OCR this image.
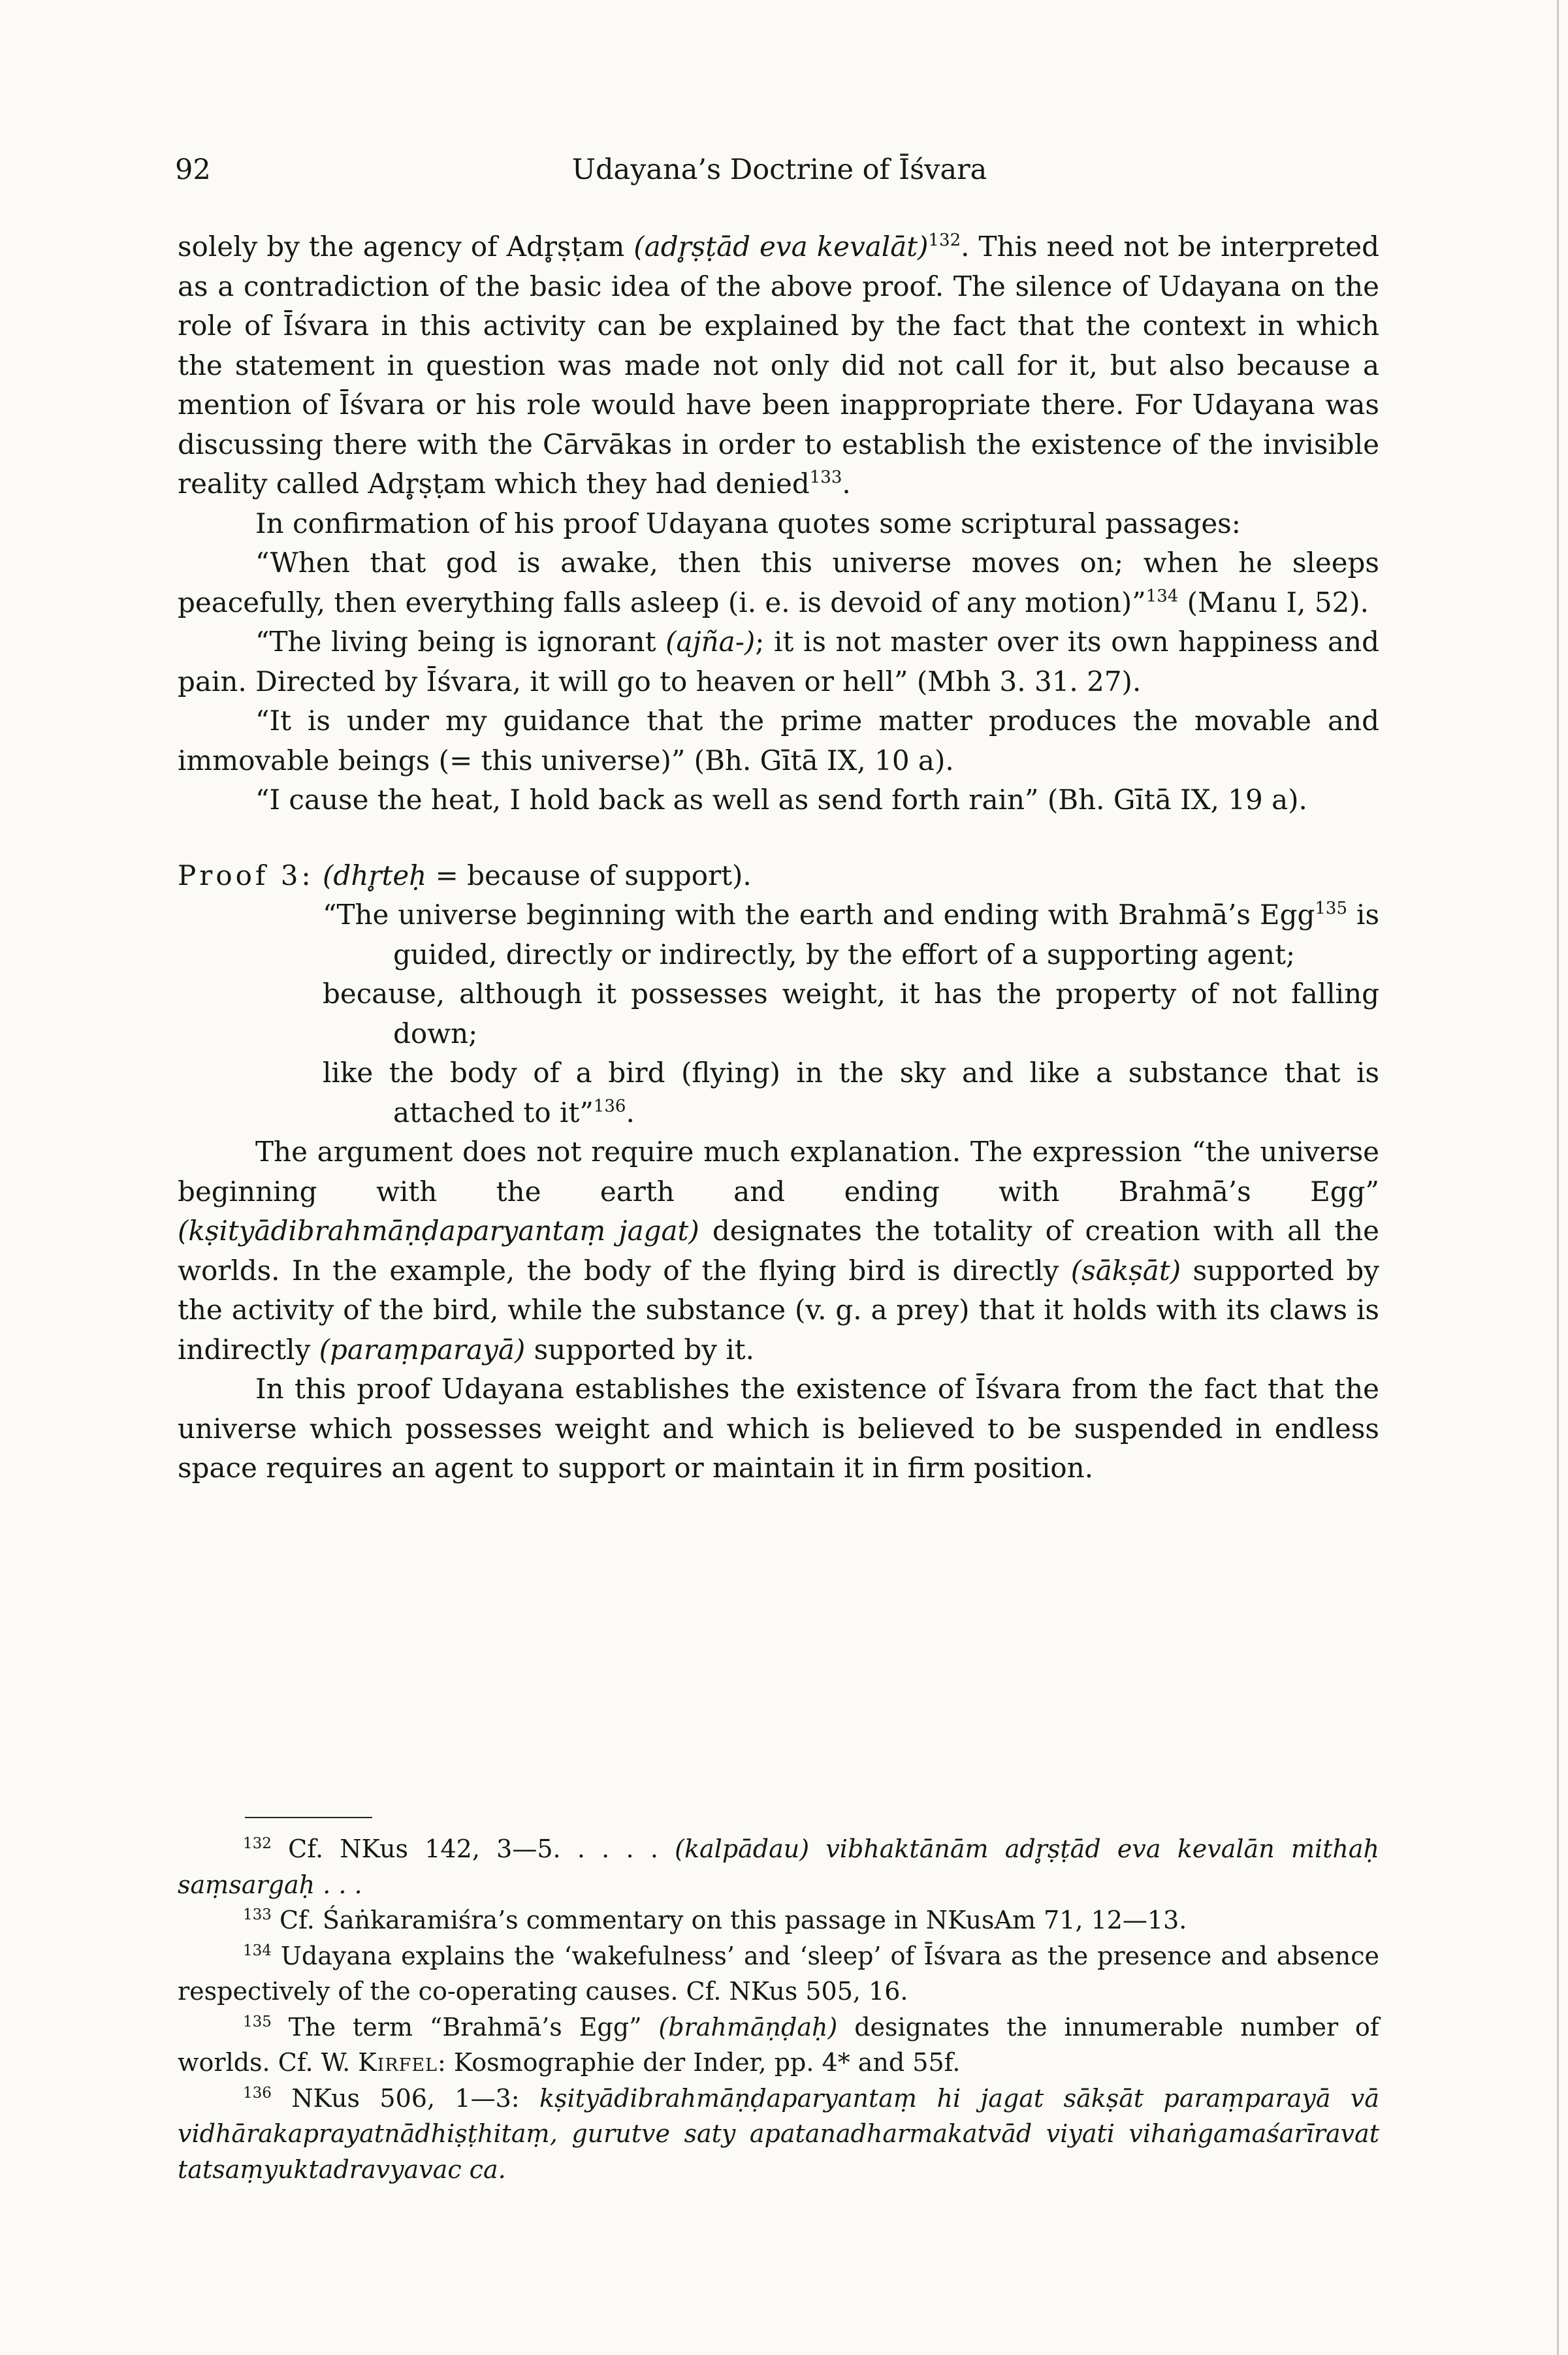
92	Udayana’s Doctrine of Īśvara

solely by the agency of Adr̥ṣṭam (adr̥ṣṭād eva kevalāt)$^{132}$. This need not be interpreted as a contradiction of the basic idea of the above proof. The silence of Udayana on the role of Īśvara in this activity can be explained by the fact that the context in which the statement in question was made not only did not call for it, but also because a mention of Īśvara or his role would have been inappropriate there. For Udayana was discussing there with the Cārvākas in order to establish the existence of the invisible reality called Adr̥ṣṭam which they had denied$^{133}$.

In confirmation of his proof Udayana quotes some scriptural passages:

“When that god is awake, then this universe moves on; when he sleeps peacefully, then everything falls asleep (i. e. is devoid of any motion)”$^{134}$ (Manu I, 52).

“The living being is ignorant (ajña-); it is not master over its own happiness and pain. Directed by Īśvara, it will go to heaven or hell” (Mbh 3. 31. 27).

“It is under my guidance that the prime matter produces the movable and immovable beings (= this universe)” (Bh. Gītā IX, 10 a).

“I cause the heat, I hold back as well as send forth rain” (Bh. Gītā IX, 19 a).

Proof 3: (dhr̥teḥ = because of support).

“The universe beginning with the earth and ending with Brahmā’s Egg$^{135}$ is guided, directly or indirectly, by the effort of a supporting agent;

because, although it possesses weight, it has the property of not falling down;

like the body of a bird (flying) in the sky and like a substance that is attached to it”$^{136}$.

The argument does not require much explanation. The expression “the universe beginning with the earth and ending with Brahmā’s Egg” (kṣityādibrahmāṇḍaparyantaṃ jagat) designates the totality of creation with all the worlds. In the example, the body of the flying bird is directly (sākṣāt) supported by the activity of the bird, while the substance (v. g. a prey) that it holds with its claws is indirectly (paraṃparayā) supported by it.

In this proof Udayana establishes the existence of Īśvara from the fact that the universe which possesses weight and which is believed to be suspended in endless space requires an agent to support or maintain it in firm position.

$^{132}$ Cf. NKus 142, 3—5. . . . . (kalpādau) vibhaktānām adr̥ṣṭād eva kevalān mithaḥ saṃsargaḥ . . .

$^{133}$ Cf. Śaṅkaramiśra’s commentary on this passage in NKusAm 71, 12—13.

$^{134}$ Udayana explains the ‘wakefulness’ and ‘sleep’ of Īśvara as the presence and absence respectively of the co-operating causes. Cf. NKus 505, 16.

$^{135}$ The term “Brahmā’s Egg” (brahmāṇḍaḥ) designates the innumerable number of worlds. Cf. W. Kirfel: Kosmographie der Inder, pp. 4* and 55f.

$^{136}$ NKus 506, 1—3: kṣityādibrahmāṇḍaparyantaṃ hi jagat sākṣāt paraṃparayā vā vidhārakaprayatnādhiṣṭhitaṃ, gurutve saty apatanadharmakatvād viyati vihaṅgamaśarīravat tatsaṃyuktadravyavac ca.
